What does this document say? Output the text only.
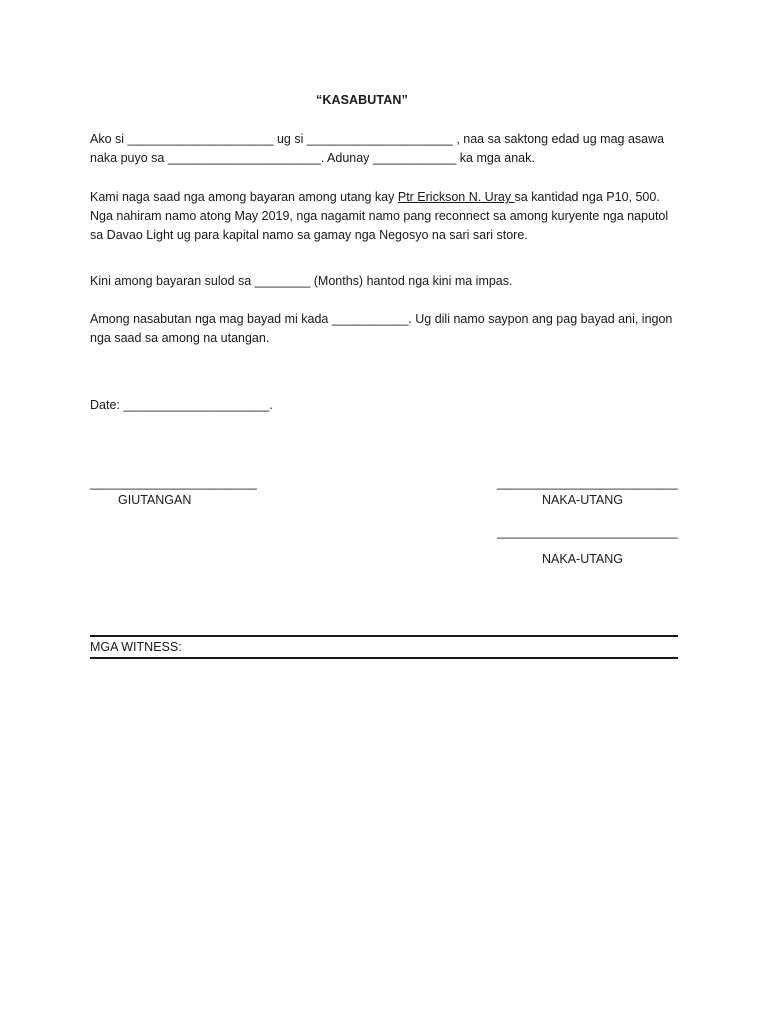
“KASABUTAN”
Ako si _____________________ ug si _____________________ , naa sa saktong edad ug mag asawa
naka puyo sa ______________________. Adunay ____________ ka mga anak.
Kami naga saad nga among bayaran among utang kay Ptr Erickson N. Uray sa kantidad nga P10, 500.
Nga nahiram namo atong May 2019, nga nagamit namo pang reconnect sa among kuryente nga naputol
sa Davao Light ug para kapital namo sa gamay nga Negosyo na sari sari store.
Kini among bayaran sulod sa ________ (Months) hantod nga kini ma impas.
Among nasabutan nga mag bayad mi kada ___________. Ug dili namo saypon ang pag bayad ani, ingon
nga saad sa among na utangan.
Date: _____________________.
________________________
GIUTANGAN
__________________________
NAKA-UTANG
__________________________
NAKA-UTANG
MGA WITNESS:
